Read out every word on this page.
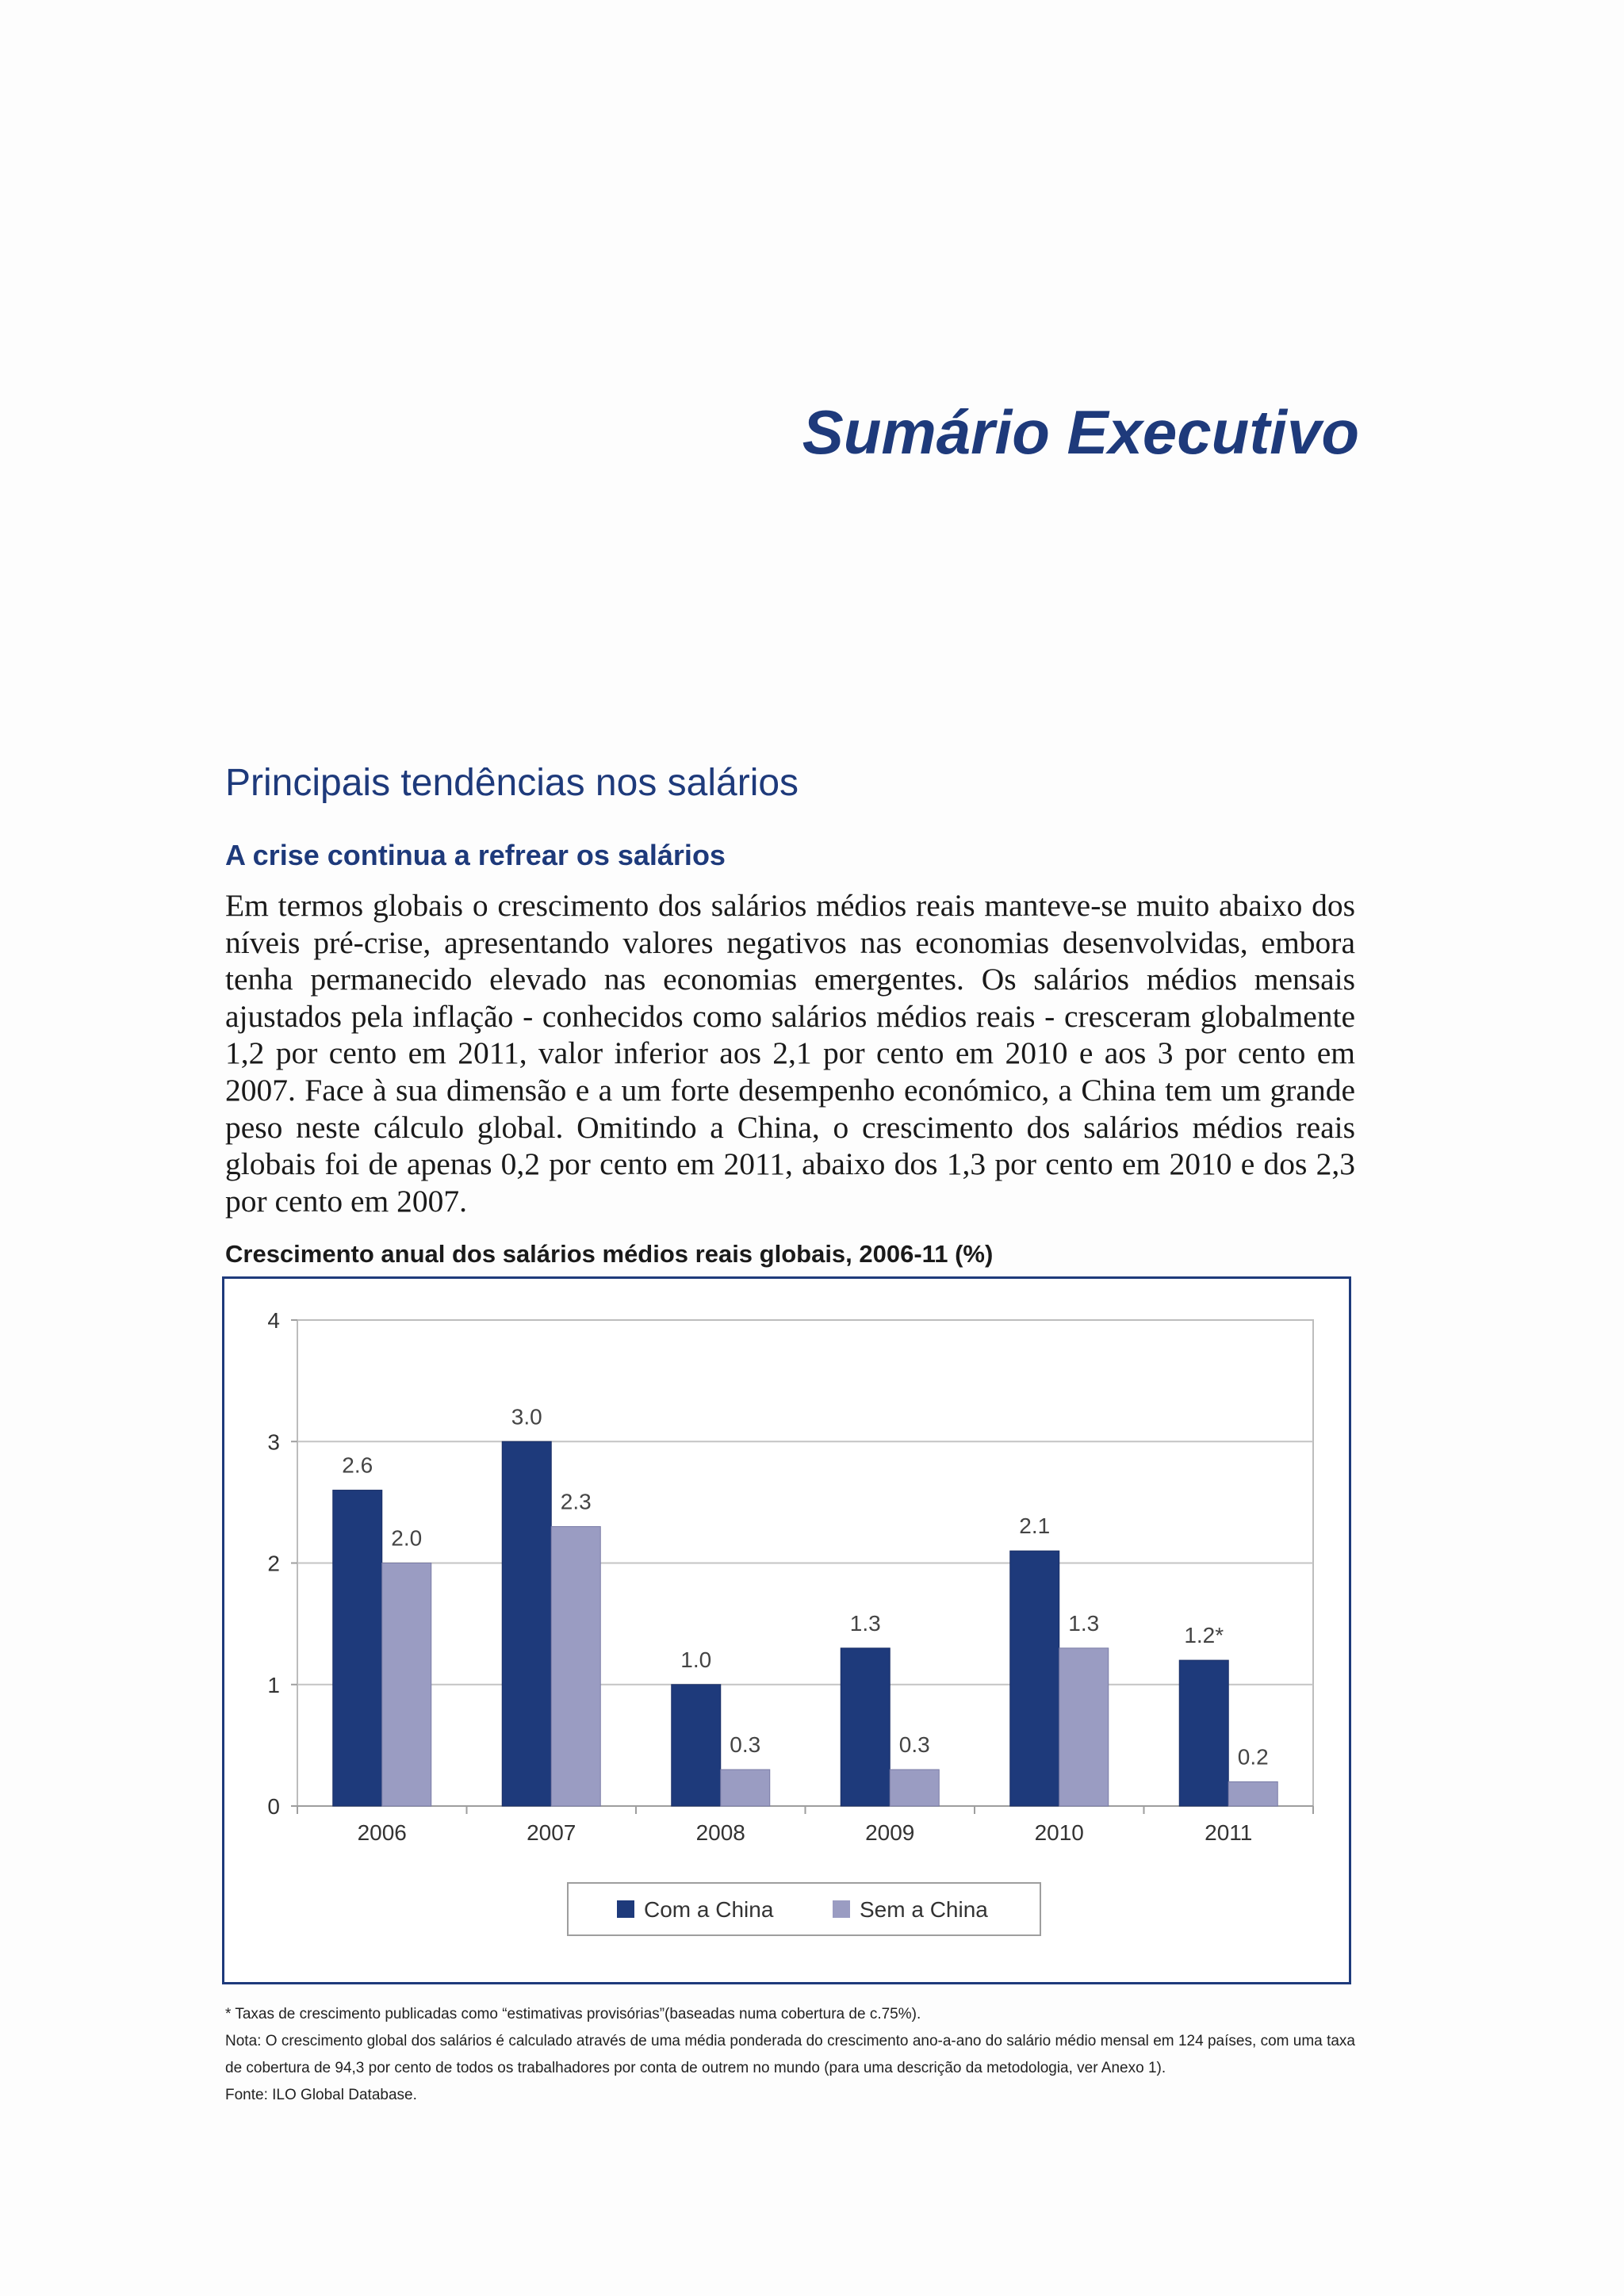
Sumário Executivo
Principais tendências nos salários
A crise continua a refrear os salários

Em termos globais o crescimento dos salários médios reais manteve-se muito abaixo dos níveis pré-crise, apresentando valores negativos nas economias desenvolvidas, embora tenha permanecido elevado nas economias emergentes. Os salários médios mensais ajustados pela inflação - conhecidos como salários médios reais - cresceram globalmente 1,2 por cento em 2011, valor inferior aos 2,1 por cento em 2010 e aos 3 por cento em 2007. Face à sua dimensão e a um forte desempenho económico, a China tem um grande peso neste cálculo global. Omitindo a China, o crescimento dos salários médios reais globais foi de apenas 0,2 por cento em 2011, abaixo dos 1,3 por cento em 2010 e dos 2,3 por cento em 2007.

Crescimento anual dos salários médios reais globais, 2006-11 (%)

0
1
2
3
4
2006
2.6
2.0
2007
3.0
2.3
2008
1.0
0.3
2009
1.3
0.3
2010
2.1
1.3
2011
1.2*
0.2
Com a China	Sem a China

* Taxas de crescimento publicadas como “estimativas provisórias”(baseadas numa cobertura de c.75%).

Nota: O crescimento global dos salários é calculado através de uma média ponderada do crescimento ano-a-ano do salário médio mensal em 124 países, com uma taxa de cobertura de 94,3 por cento de todos os trabalhadores por conta de outrem no mundo (para uma descrição da metodologia, ver Anexo 1).

Fonte: ILO Global Database.
